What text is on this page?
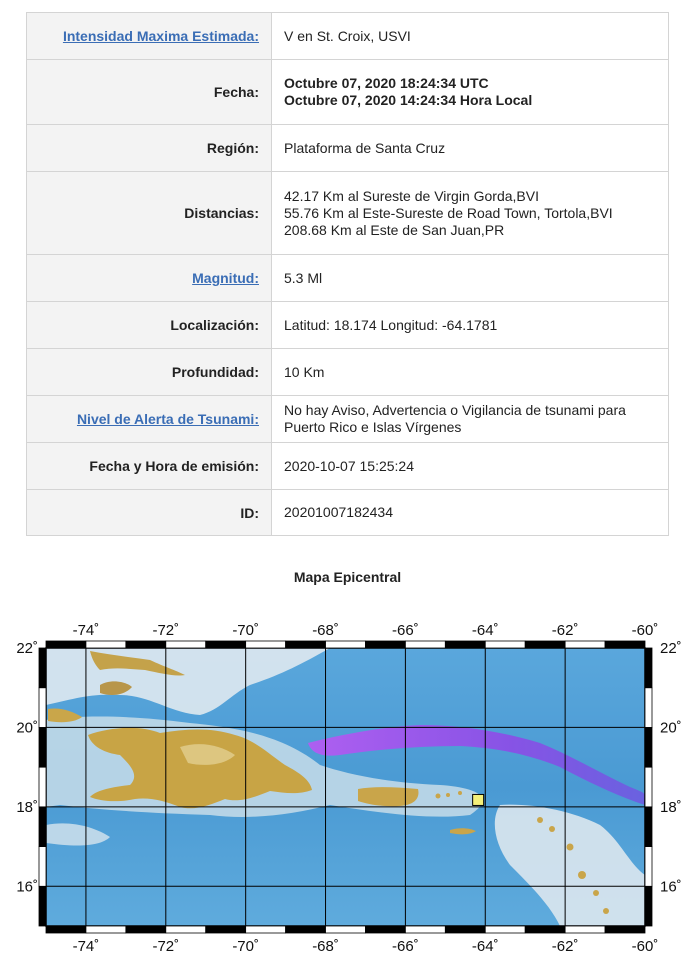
Intensidad Maxima Estimada:	V en St. Croix, USVI

Fecha:	Octubre 07, 2020 18:24:34 UTC
Octubre 07, 2020 14:24:34 Hora Local

Región:	Plataforma de Santa Cruz

Distancias:	42.17 Km al Sureste de Virgin Gorda,BVI
55.76 Km al Este-Sureste de Road Town, Tortola,BVI
208.68 Km al Este de San Juan,PR

Magnitud:	5.3 Ml

Localización:	Latitud: 18.174 Longitud: -64.1781

Profundidad:	10 Km

Nivel de Alerta de Tsunami:	No hay Aviso, Advertencia o Vigilancia de tsunami para
Puerto Rico e Islas Vírgenes

Fecha y Hora de emisión:	2020-10-07 15:25:24

ID:	20201007182434
Mapa Epicentral
-74˚
-74˚
-72˚
-72˚
-70˚
-70˚
-68˚
-68˚
-66˚
-66˚
-64˚
-64˚
-62˚
-62˚
-60˚
-60˚
22˚	22˚
20˚	20˚
18˚	18˚
16˚	16˚
